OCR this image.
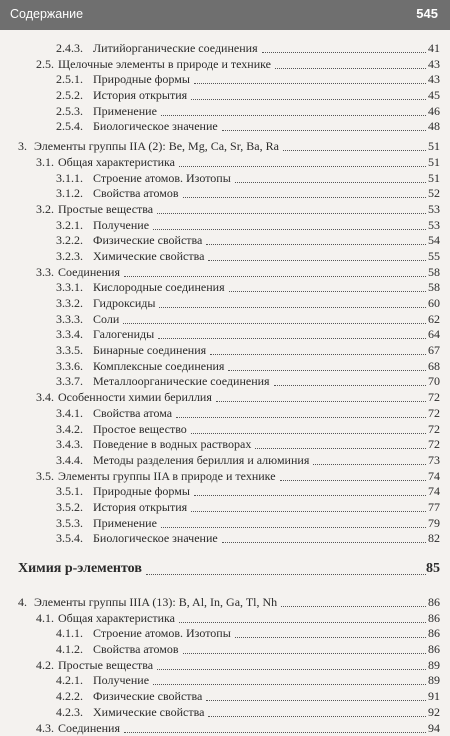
Содержание	545
2.4.3. Литийорганические соединения	41
2.5. Щелочные элементы в природе и технике	43
2.5.1. Природные формы	43
2.5.2. История открытия	45
2.5.3. Применение	46
2.5.4. Биологическое значение	48
3. Элементы группы IIA (2): Be, Mg, Ca, Sr, Ba, Ra	51
3.1. Общая характеристика	51
3.1.1. Строение атомов. Изотопы	51
3.1.2. Свойства атомов	52
3.2. Простые вещества	53
3.2.1. Получение	53
3.2.2. Физические свойства	54
3.2.3. Химические свойства	55
3.3. Соединения	58
3.3.1. Кислородные соединения	58
3.3.2. Гидроксиды	60
3.3.3. Соли	62
3.3.4. Галогениды	64
3.3.5. Бинарные соединения	67
3.3.6. Комплексные соединения	68
3.3.7. Металлоорганические соединения	70
3.4. Особенности химии бериллия	72
3.4.1. Свойства атома	72
3.4.2. Простое вещество	72
3.4.3. Поведение в водных растворах	72
3.4.4. Методы разделения бериллия и алюминия	73
3.5. Элементы группы IIA в природе и технике	74
3.5.1. Природные формы	74
3.5.2. История открытия	77
3.5.3. Применение	79
3.5.4. Биологическое значение	82
Химия p-элементов	85
4. Элементы группы IIIA (13): B, Al, In, Ga, Tl, Nh	86
4.1. Общая характеристика	86
4.1.1. Строение атомов. Изотопы	86
4.1.2. Свойства атомов	86
4.2. Простые вещества	89
4.2.1. Получение	89
4.2.2. Физические свойства	91
4.2.3. Химические свойства	92
4.3. Соединения	94
